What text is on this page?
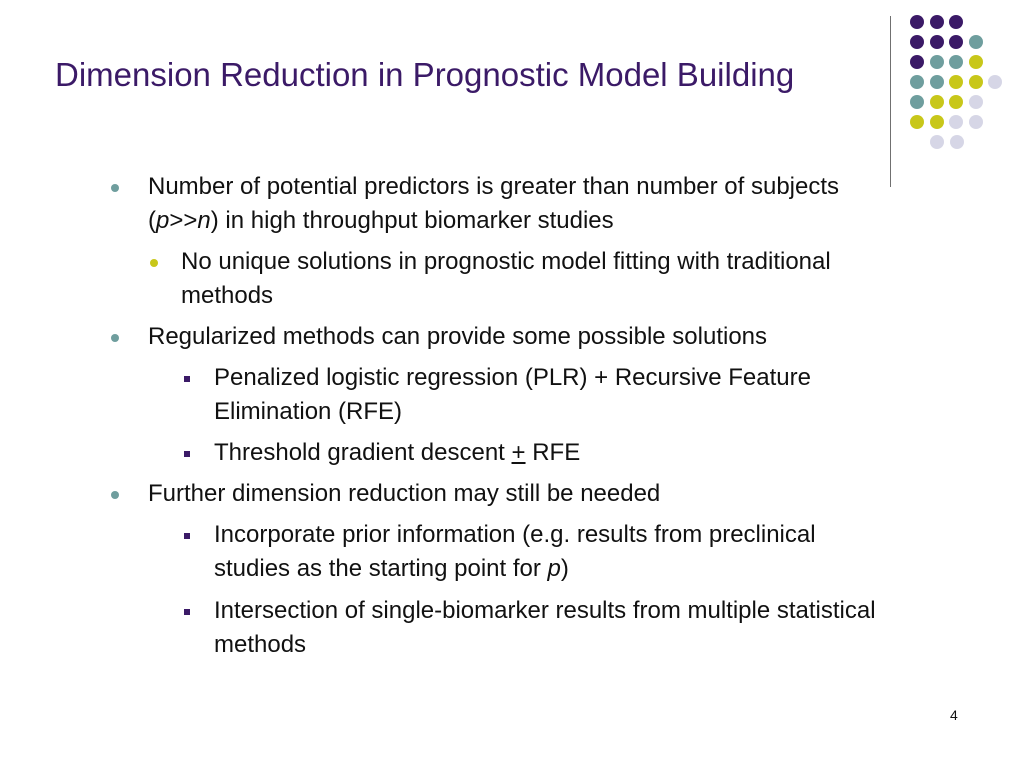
Dimension Reduction in Prognostic Model Building
Number of potential predictors is greater than number of subjects (p>>n) in high throughput biomarker studies
No unique solutions in prognostic model fitting with traditional methods
Regularized methods can provide some possible solutions
Penalized logistic regression (PLR) + Recursive Feature Elimination (RFE)
Threshold gradient descent + RFE
Further dimension reduction may still be needed
Incorporate prior information (e.g. results from preclinical studies as the starting point for p)
Intersection of single-biomarker results from multiple statistical methods
4
